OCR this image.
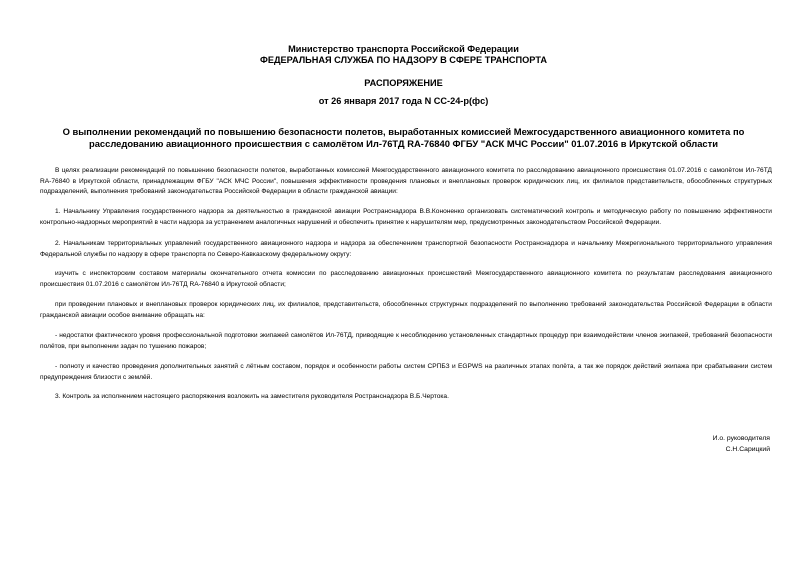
Министерство транспорта Российской Федерации
ФЕДЕРАЛЬНАЯ СЛУЖБА ПО НАДЗОРУ В СФЕРЕ ТРАНСПОРТА
РАСПОРЯЖЕНИЕ
от 26 января 2017 года N СС-24-р(фс)
О выполнении рекомендаций по повышению безопасности полетов, выработанных комиссией Межгосударственного авиационного комитета по расследованию авиационного происшествия с самолётом Ил-76ТД RA-76840 ФГБУ "АСК МЧС России" 01.07.2016 в Иркутской области
В целях реализации рекомендаций по повышению безопасности полетов, выработанных комиссией Межгосударственного авиационного комитета по расследованию авиационного происшествия 01.07.2016 с самолётом Ил-76ТД RA-76840 в Иркутской области, принадлежащим ФГБУ "АСК МЧС России", повышения эффективности проведения плановых и внеплановых проверок юридических лиц, их филиалов представительств, обособленных структурных подразделений, выполнения требований законодательства Российской Федерации в области гражданской авиации:
1. Начальнику Управления государственного надзора за деятельностью в гражданской авиации Ространснадзора В.В.Кононенко организовать систематический контроль и методическую работу по повышению эффективности контрольно-надзорных мероприятий в части надзора за устранением аналогичных нарушений и обеспечить принятие к нарушителям мер, предусмотренных законодательством Российской Федерации.
2. Начальникам территориальных управлений государственного авиационного надзора и надзора за обеспечением транспортной безопасности Ространснадзора и начальнику Межрегионального территориального управления Федеральной службы по надзору в сфере транспорта по Северо-Кавказскому федеральному округу:
изучить с инспекторским составом материалы окончательного отчета комиссии по расследованию авиационных происшествий Межгосударственного авиационного комитета по результатам расследования авиационного происшествия 01.07.2016 с самолётом Ил-76ТД RA-76840 в Иркутской области;
при проведении плановых и внеплановых проверок юридических лиц, их филиалов, представительств, обособленных структурных подразделений по выполнению требований законодательства Российской Федерации в области гражданской авиации особое внимание обращать на:
- недостатки фактического уровня профессиональной подготовки экипажей самолётов Ил-76ТД, приводящие к несоблюдению установленных стандартных процедур при взаимодействии членов экипажей, требований безопасности полётов, при выполнении задач по тушению пожаров;
- полноту и качество проведения дополнительных занятий с лётным составом, порядок и особенности работы систем СРПБЗ и EGPWS на различных этапах полёта, а так же порядок действий экипажа при срабатывании систем предупреждения близости с землёй.
3. Контроль за исполнением настоящего распоряжения возложить на заместителя руководителя Ространснадзора В.Б.Чертока.
И.о. руководителя
С.Н.Сарицкий
